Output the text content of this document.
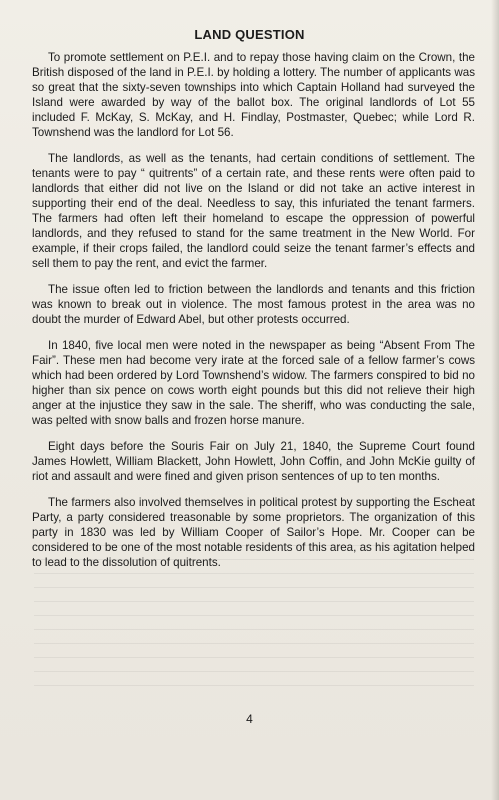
LAND QUESTION

To promote settlement on P.E.I. and to repay those having claim on the Crown, the British disposed of the land in P.E.I. by holding a lottery. The number of applicants was so great that the sixty-seven townships into which Captain Holland had surveyed the Island were awarded by way of the ballot box. The original landlords of Lot 55 included F. McKay, S. McKay, and H. Findlay, Postmaster, Quebec; while Lord R. Townshend was the landlord for Lot 56.

The landlords, as well as the tenants, had certain conditions of settlement. The tenants were to pay “ quitrents” of a certain rate, and these rents were often paid to landlords that either did not live on the Island or did not take an active interest in supporting their end of the deal. Needless to say, this infuriated the tenant farmers. The farmers had often left their homeland to escape the oppression of powerful landlords, and they refused to stand for the same treatment in the New World. For example, if their crops failed, the landlord could seize the tenant farmer’s effects and sell them to pay the rent, and evict the farmer.

The issue often led to friction between the landlords and tenants and this friction was known to break out in violence. The most famous protest in the area was no doubt the murder of Edward Abel, but other protests occurred.

In 1840, five local men were noted in the newspaper as being “Absent From The Fair”. These men had become very irate at the forced sale of a fellow farmer’s cows which had been ordered by Lord Townshend’s widow. The farmers conspired to bid no higher than six pence on cows worth eight pounds but this did not relieve their high anger at the injustice they saw in the sale. The sheriff, who was conducting the sale, was pelted with snow balls and frozen horse manure.

Eight days before the Souris Fair on July 21, 1840, the Supreme Court found James Howlett, William Blackett, John Howlett, John Coffin, and John McKie guilty of riot and assault and were fined and given prison sentences of up to ten months.

The farmers also involved themselves in political protest by supporting the Escheat Party, a party considered treasonable by some proprietors. The organization of this party in 1830 was led by William Cooper of Sailor’s Hope. Mr. Cooper can be considered to be one of the most notable residents of this area, as his agitation helped to lead to the dissolution of quitrents.

4
